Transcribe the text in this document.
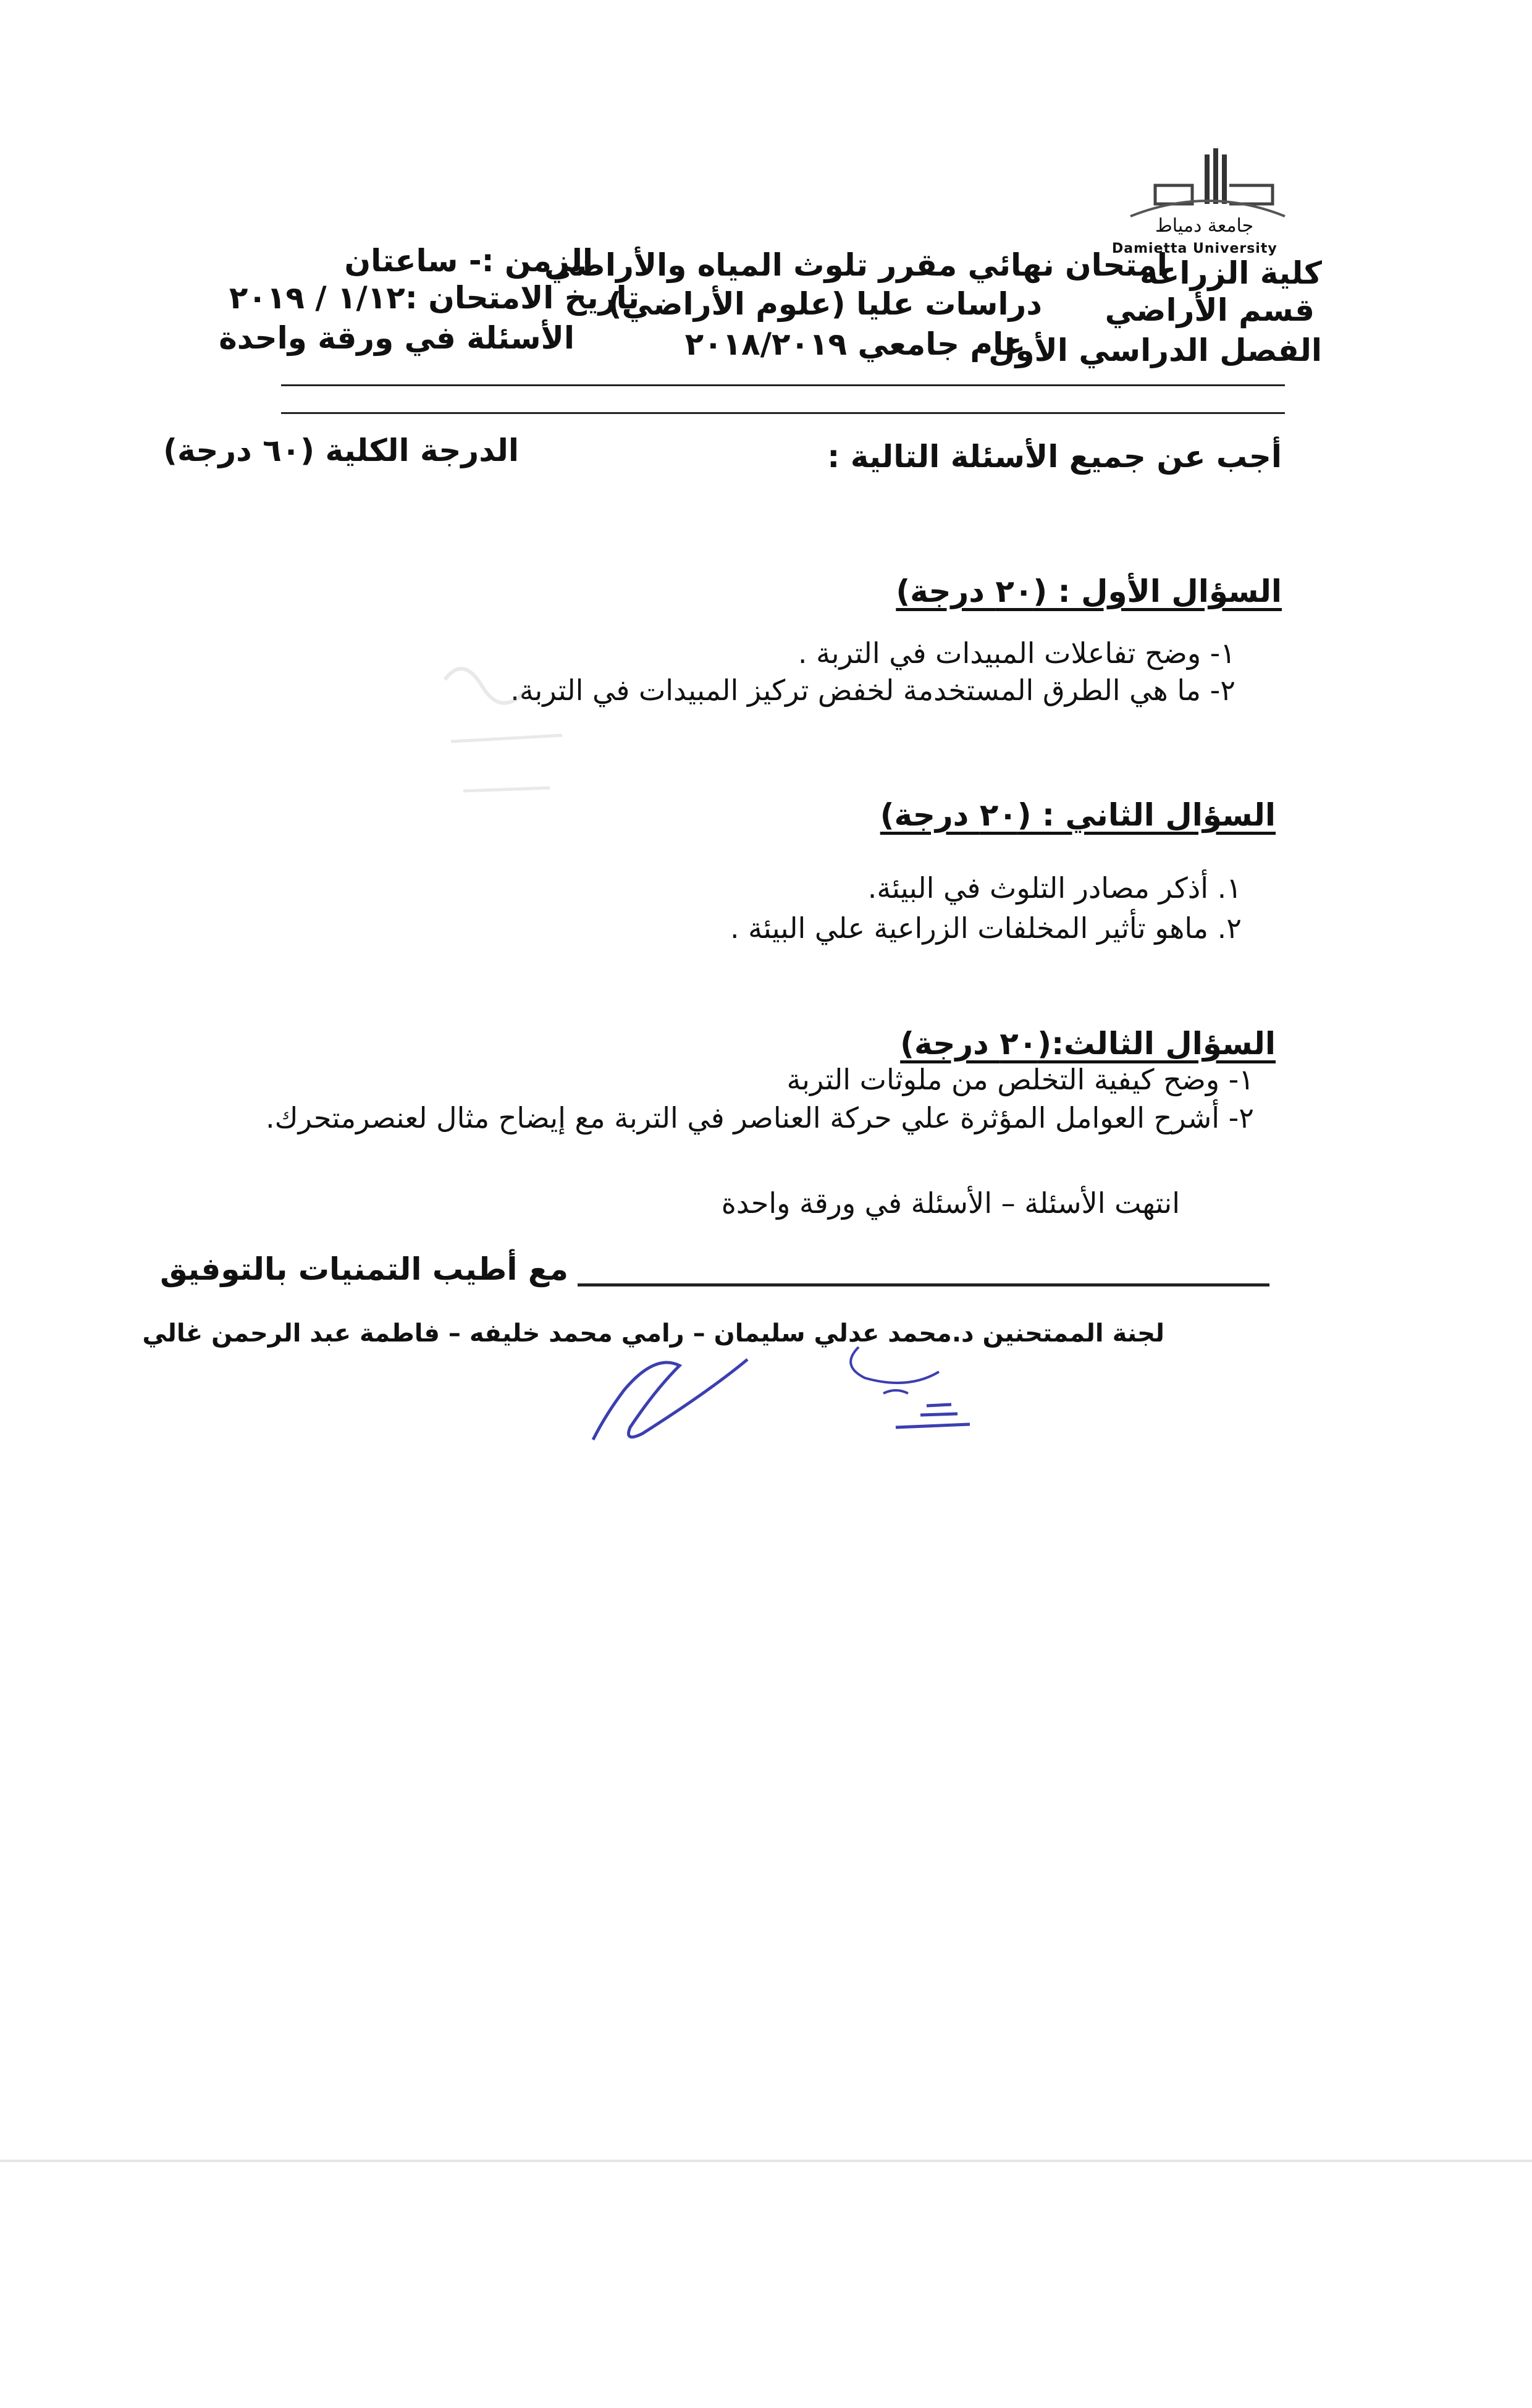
جامعة دمياط
Damietta University
كلية الزراعة
قسم الأراضي
الفصل الدراسي الأول
امتحان نهائي مقرر تلوث المياه والأراضي
دراسات عليا (علوم الأراضي)
عام جامعي ٢٠١٨/٢٠١٩
الزمن :- ساعتان
تاريخ الامتحان :١/١٢ / ٢٠١٩
الأسئلة في ورقة واحدة
أجب عن جميع الأسئلة التالية :
الدرجة الكلية (٦٠ درجة)
السؤال الأول : (٢٠ درجة)
١- وضح تفاعلات المبيدات في التربة .
٢- ما هي الطرق المستخدمة لخفض تركيز المبيدات في التربة.
السؤال الثاني : (٢٠ درجة)
١. أذكر مصادر التلوث في البيئة.
٢. ماهو تأثير المخلفات الزراعية علي البيئة .
السؤال الثالث:(٢٠ درجة)
١- وضح كيفية التخلص من ملوثات التربة
٢- أشرح العوامل المؤثرة علي حركة العناصر في التربة مع إيضاح مثال لعنصرمتحرك.
انتهت الأسئلة – الأسئلة في ورقة واحدة
مع أطيب التمنيات بالتوفيق
لجنة الممتحنين د.محمد عدلي سليمان – رامي محمد خليفه – فاطمة عبد الرحمن غالي
